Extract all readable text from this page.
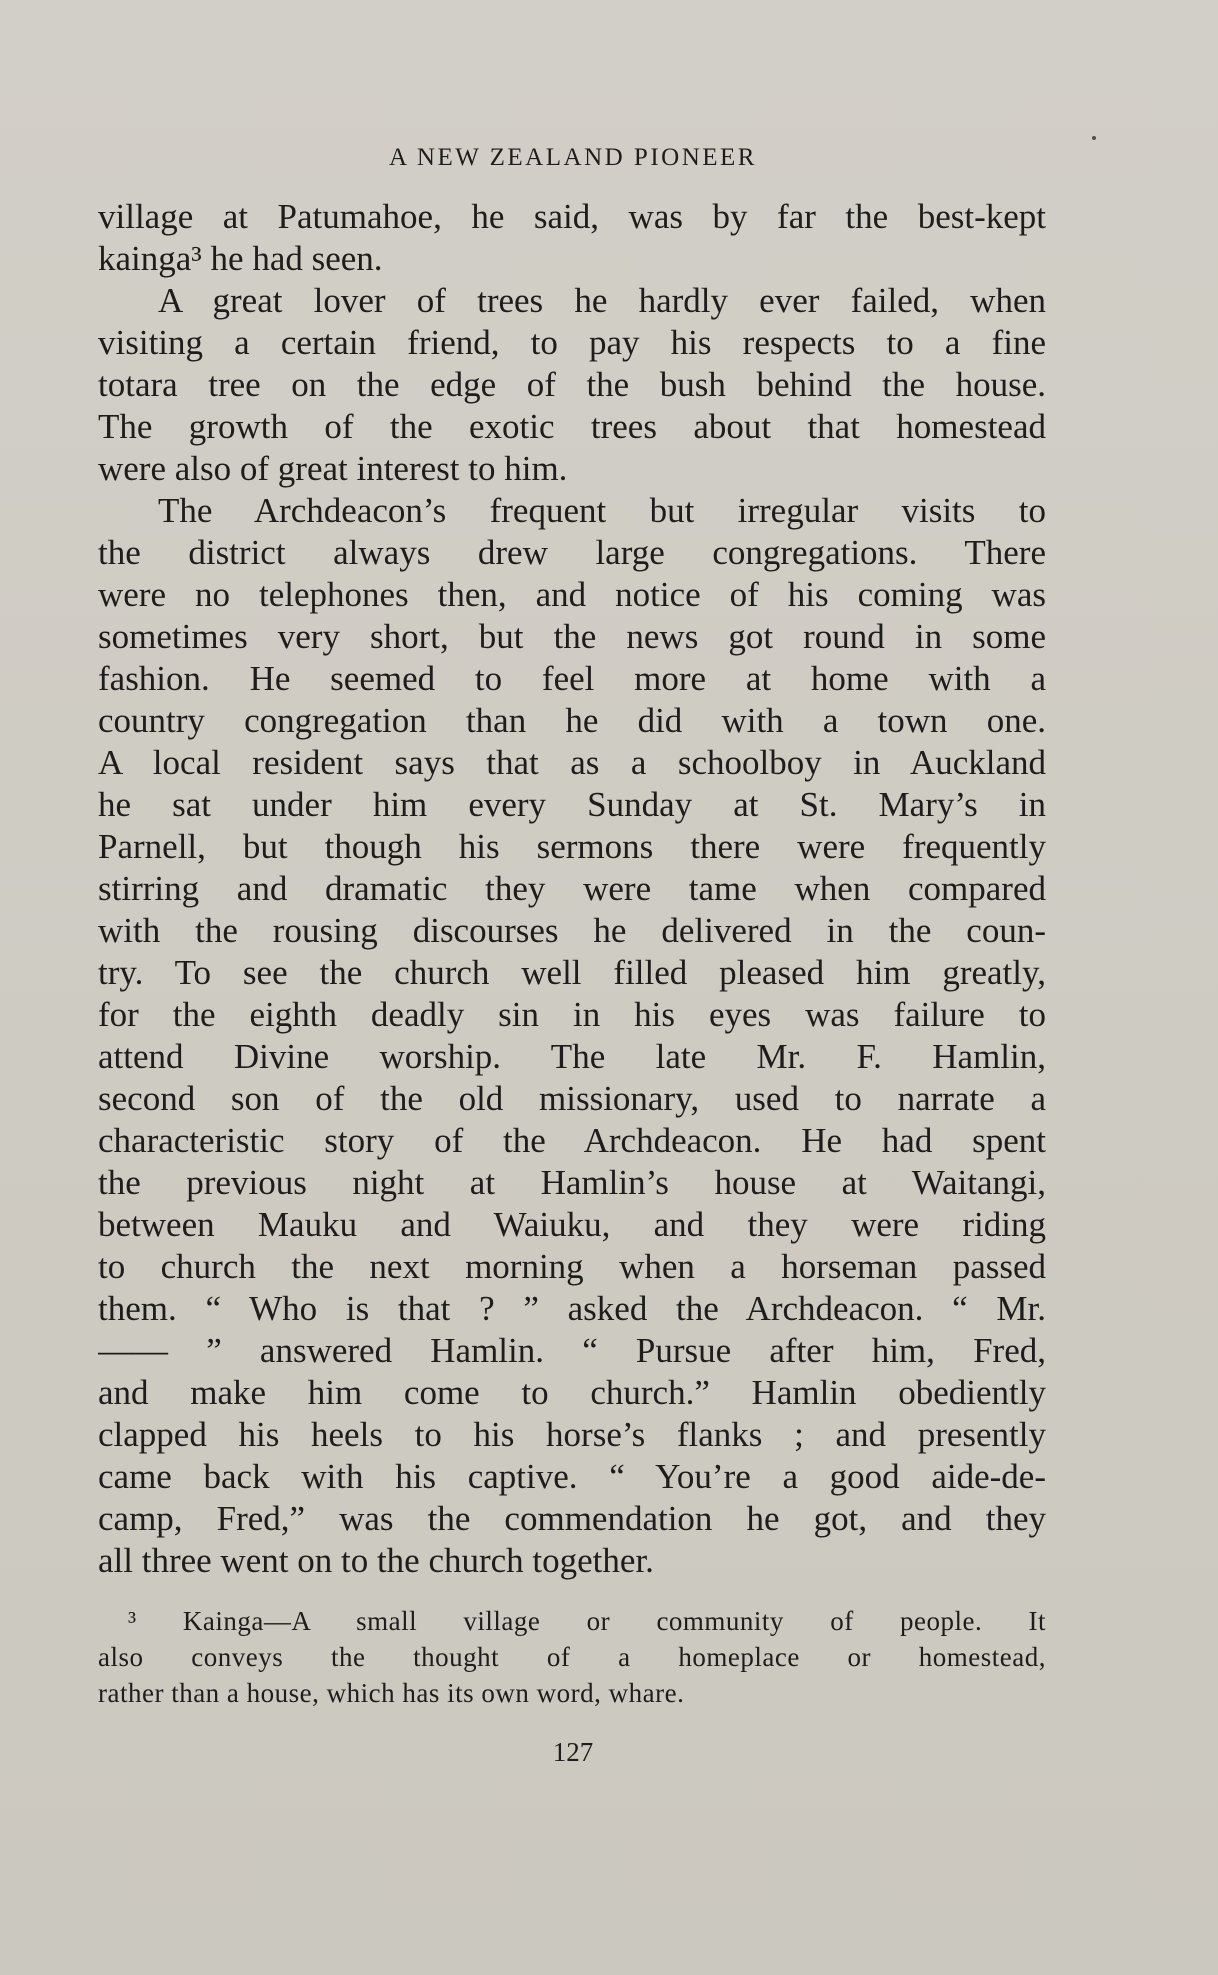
A NEW ZEALAND PIONEER
village at Patumahoe, he said, was by far the best-kept
kainga³ he had seen.
A great lover of trees he hardly ever failed, when
visiting a certain friend, to pay his respects to a fine
totara tree on the edge of the bush behind the house.
The growth of the exotic trees about that homestead
were also of great interest to him.
The Archdeacon’s frequent but irregular visits to
the district always drew large congregations. There
were no telephones then, and notice of his coming was
sometimes very short, but the news got round in some
fashion. He seemed to feel more at home with a
country congregation than he did with a town one.
A local resident says that as a schoolboy in Auckland
he sat under him every Sunday at St. Mary’s in
Parnell, but though his sermons there were frequently
stirring and dramatic they were tame when compared
with the rousing discourses he delivered in the coun-
try. To see the church well filled pleased him greatly,
for the eighth deadly sin in his eyes was failure to
attend Divine worship. The late Mr. F. Hamlin,
second son of the old missionary, used to narrate a
characteristic story of the Archdeacon. He had spent
the previous night at Hamlin’s house at Waitangi,
between Mauku and Waiuku, and they were riding
to church the next morning when a horseman passed
them. “ Who is that ? ” asked the Archdeacon. “ Mr.
—— ” answered Hamlin. “ Pursue after him, Fred,
and make him come to church.” Hamlin obediently
clapped his heels to his horse’s flanks ; and presently
came back with his captive. “ You’re a good aide-de-
camp, Fred,” was the commendation he got, and they
all three went on to the church together.
³ Kainga—A small village or community of people. It
also conveys the thought of a homeplace or homestead,
rather than a house, which has its own word, whare.
127
